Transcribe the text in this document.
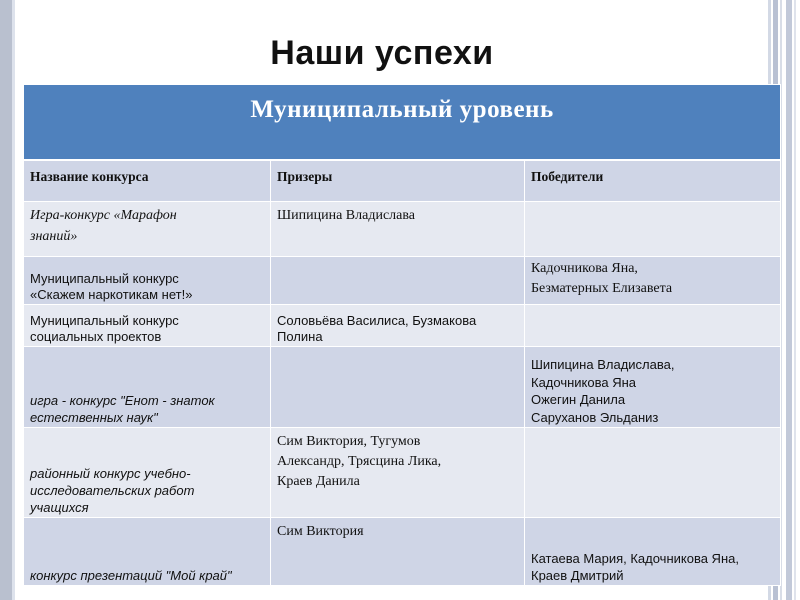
Наши успехи
Муниципальный уровень		
Название конкурса	Призеры	Победители

Игра-конкурс «Марафон
знаний»	Шипицина Владислава	

Муниципальный конкурс
«Скажем наркотикам нет!»		Кадочникова Яна,
Безматерных Елизавета

Муниципальный конкурс
социальных проектов	Соловьёва Василиса, Бузмакова
Полина	

игра - конкурс "Енот - знаток
естественных наук"		Шипицина Владислава,
Кадочникова Яна
Ожегин Данила
Саруханов Эльданиз

районный конкурс учебно-
исследовательских работ
учащихся	Сим Виктория, Тугумов
Александр, Трясцина Лика,
Краев Данила	

конкурс презентаций "Мой край"	Сим Виктория	Катаева Мария, Кадочникова Яна,
Краев Дмитрий
